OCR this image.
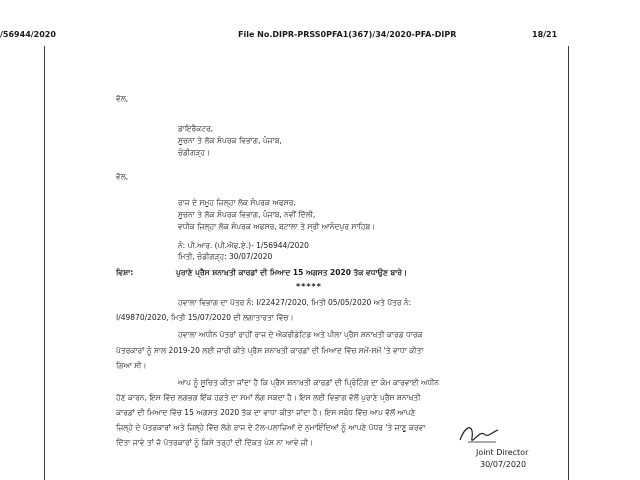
/56944/2020	File No.DIPR-PRSS0PFA1(367)/34/2020-PFA-DIPR	18/21
ਵੱਲ,
ਡਾਇਰੈਕਟਰ,
ਸੂਚਨਾ ਤੇ ਲੋਕ ਸੰਪਰਕ ਵਿਭਾਗ, ਪੰਜਾਬ,
ਚੰਡੀਗੜ੍ਹ।
ਵੱਲ,
ਰਾਜ ਦੇ ਸਮੂਹ ਜ਼ਿਲ੍ਹਾ ਲੋਕ ਸੰਪਰਕ ਅਫਸਰ,
ਸੂਚਨਾ ਤੇ ਲੋਕ ਸੰਪਰਕ ਵਿਭਾਗ, ਪੰਜਾਬ, ਨਵੀਂ ਦਿੱਲੀ,
ਵਧੀਕ ਜ਼ਿਲ੍ਹਾ ਲੋਕ ਸੰਪਰਕ ਅਫਸਰ, ਬਟਾਲਾ ਤੇ ਸ੍ਰੀ ਆਨੰਦਪੁਰ ਸਾਹਿਬ।
ਨੰ: ਪੀ.ਆਰ. (ਪੀ.ਐਫ.ਏ.)- 1/56944/2020
ਮਿਤੀ, ਚੰਡੀਗੜ੍ਹ: 30/07/2020
ਵਿਸ਼ਾ:	ਪੁਰਾਣੇ ਪ੍ਰੈਸ ਸ਼ਨਾਖ਼ਤੀ ਕਾਰਡਾਂ ਦੀ ਮਿਆਦ 15 ਅਗਸਤ 2020 ਤੱਕ ਵਧਾਉਣ ਬਾਰੇ।
*****
ਹਵਾਲਾ ਵਿਭਾਗ ਦਾ ਪੱਤਰ ਨੰ: I/22427/2020, ਮਿਤੀ 05/05/2020 ਅਤੇ ਪੱਤਰ ਨੰ:
I/49870/2020, ਮਿਤੀ 15/07/2020 ਦੀ ਲਗਾਤਾਰਤਾ ਵਿੱਚ।
ਹਵਾਲਾ ਅਧੀਨ ਪੱਤਰਾਂ ਰਾਹੀਂ ਰਾਜ ਦੇ ਐਕਰੀਡੇਟਿਡ ਅਤੇ ਪੀਲਾ ਪ੍ਰੈਸ ਸ਼ਨਾਖ਼ਤੀ ਕਾਰਡ ਧਾਰਕ
ਪੱਤਰਕਾਰਾਂ ਨੂੰ ਸਾਲ 2019-20 ਲਈ ਜਾਰੀ ਕੀਤੇ ਪ੍ਰੈਸ ਸ਼ਨਾਖ਼ਤੀ ਕਾਰਡਾਂ ਦੀ ਮਿਆਦ ਵਿੱਚ ਸਮੇਂ-ਸਮੇਂ 'ਤੇ ਵਾਧਾ ਕੀਤਾ
ਗਿਆ ਸੀ।
ਆਪ ਨੂੰ ਸੂਚਿਤ ਕੀਤਾ ਜਾਂਦਾ ਹੈ ਕਿ ਪ੍ਰੈਸ ਸ਼ਨਾਖ਼ਤੀ ਕਾਰਡਾਂ ਦੀ ਪ੍ਰਿੰਟਿੰਗ ਦਾ ਕੰਮ ਕਾਰਵਾਈ ਅਧੀਨ
ਹੋਣ ਕਾਰਨ, ਇਸ ਵਿੱਚ ਲਗਭਗ ਇੱਕ ਹਫ਼ਤੇ ਦਾ ਸਮਾਂ ਲੱਗ ਸਕਦਾ ਹੈ। ਇਸ ਲਈ ਵਿਭਾਗ ਵੱਲੋਂ ਪੁਰਾਣੇ ਪ੍ਰੈਸ ਸ਼ਨਾਖ਼ਤੀ
ਕਾਰਡਾਂ ਦੀ ਮਿਆਦ ਵਿੱਚ 15 ਅਗਸਤ 2020 ਤੱਕ ਦਾ ਵਾਧਾ ਕੀਤਾ ਜਾਂਦਾ ਹੈ। ਇਸ ਸਬੰਧ ਵਿੱਚ ਆਪ ਵੱਲੋਂ ਆਪਣੇ
ਜ਼ਿਲ੍ਹੇ ਦੇ ਪੱਤਰਕਾਰਾਂ ਅਤੇ ਜ਼ਿਲ੍ਹੇ ਵਿੱਚ ਲੱਗੇ ਰਾਜ ਦੇ ਟੋਲ-ਪਲਾਜ਼ਿਆਂ ਦੇ ਨੁਮਾਇੰਦਿਆਂ ਨੂੰ ਆਪਣੇ ਪੱਧਰ 'ਤੇ ਜਾਣੂ ਕਰਵਾ
ਦਿੱਤਾ ਜਾਵੇ ਤਾਂ ਜੋ ਪੱਤਰਕਾਰਾਂ ਨੂੰ ਕਿਸੇ ਤਰ੍ਹਾਂ ਦੀ ਦਿੱਕਤ ਪੇਸ਼ ਨਾ ਆਵੇ ਜੀ।
Joint Director
30/07/2020
